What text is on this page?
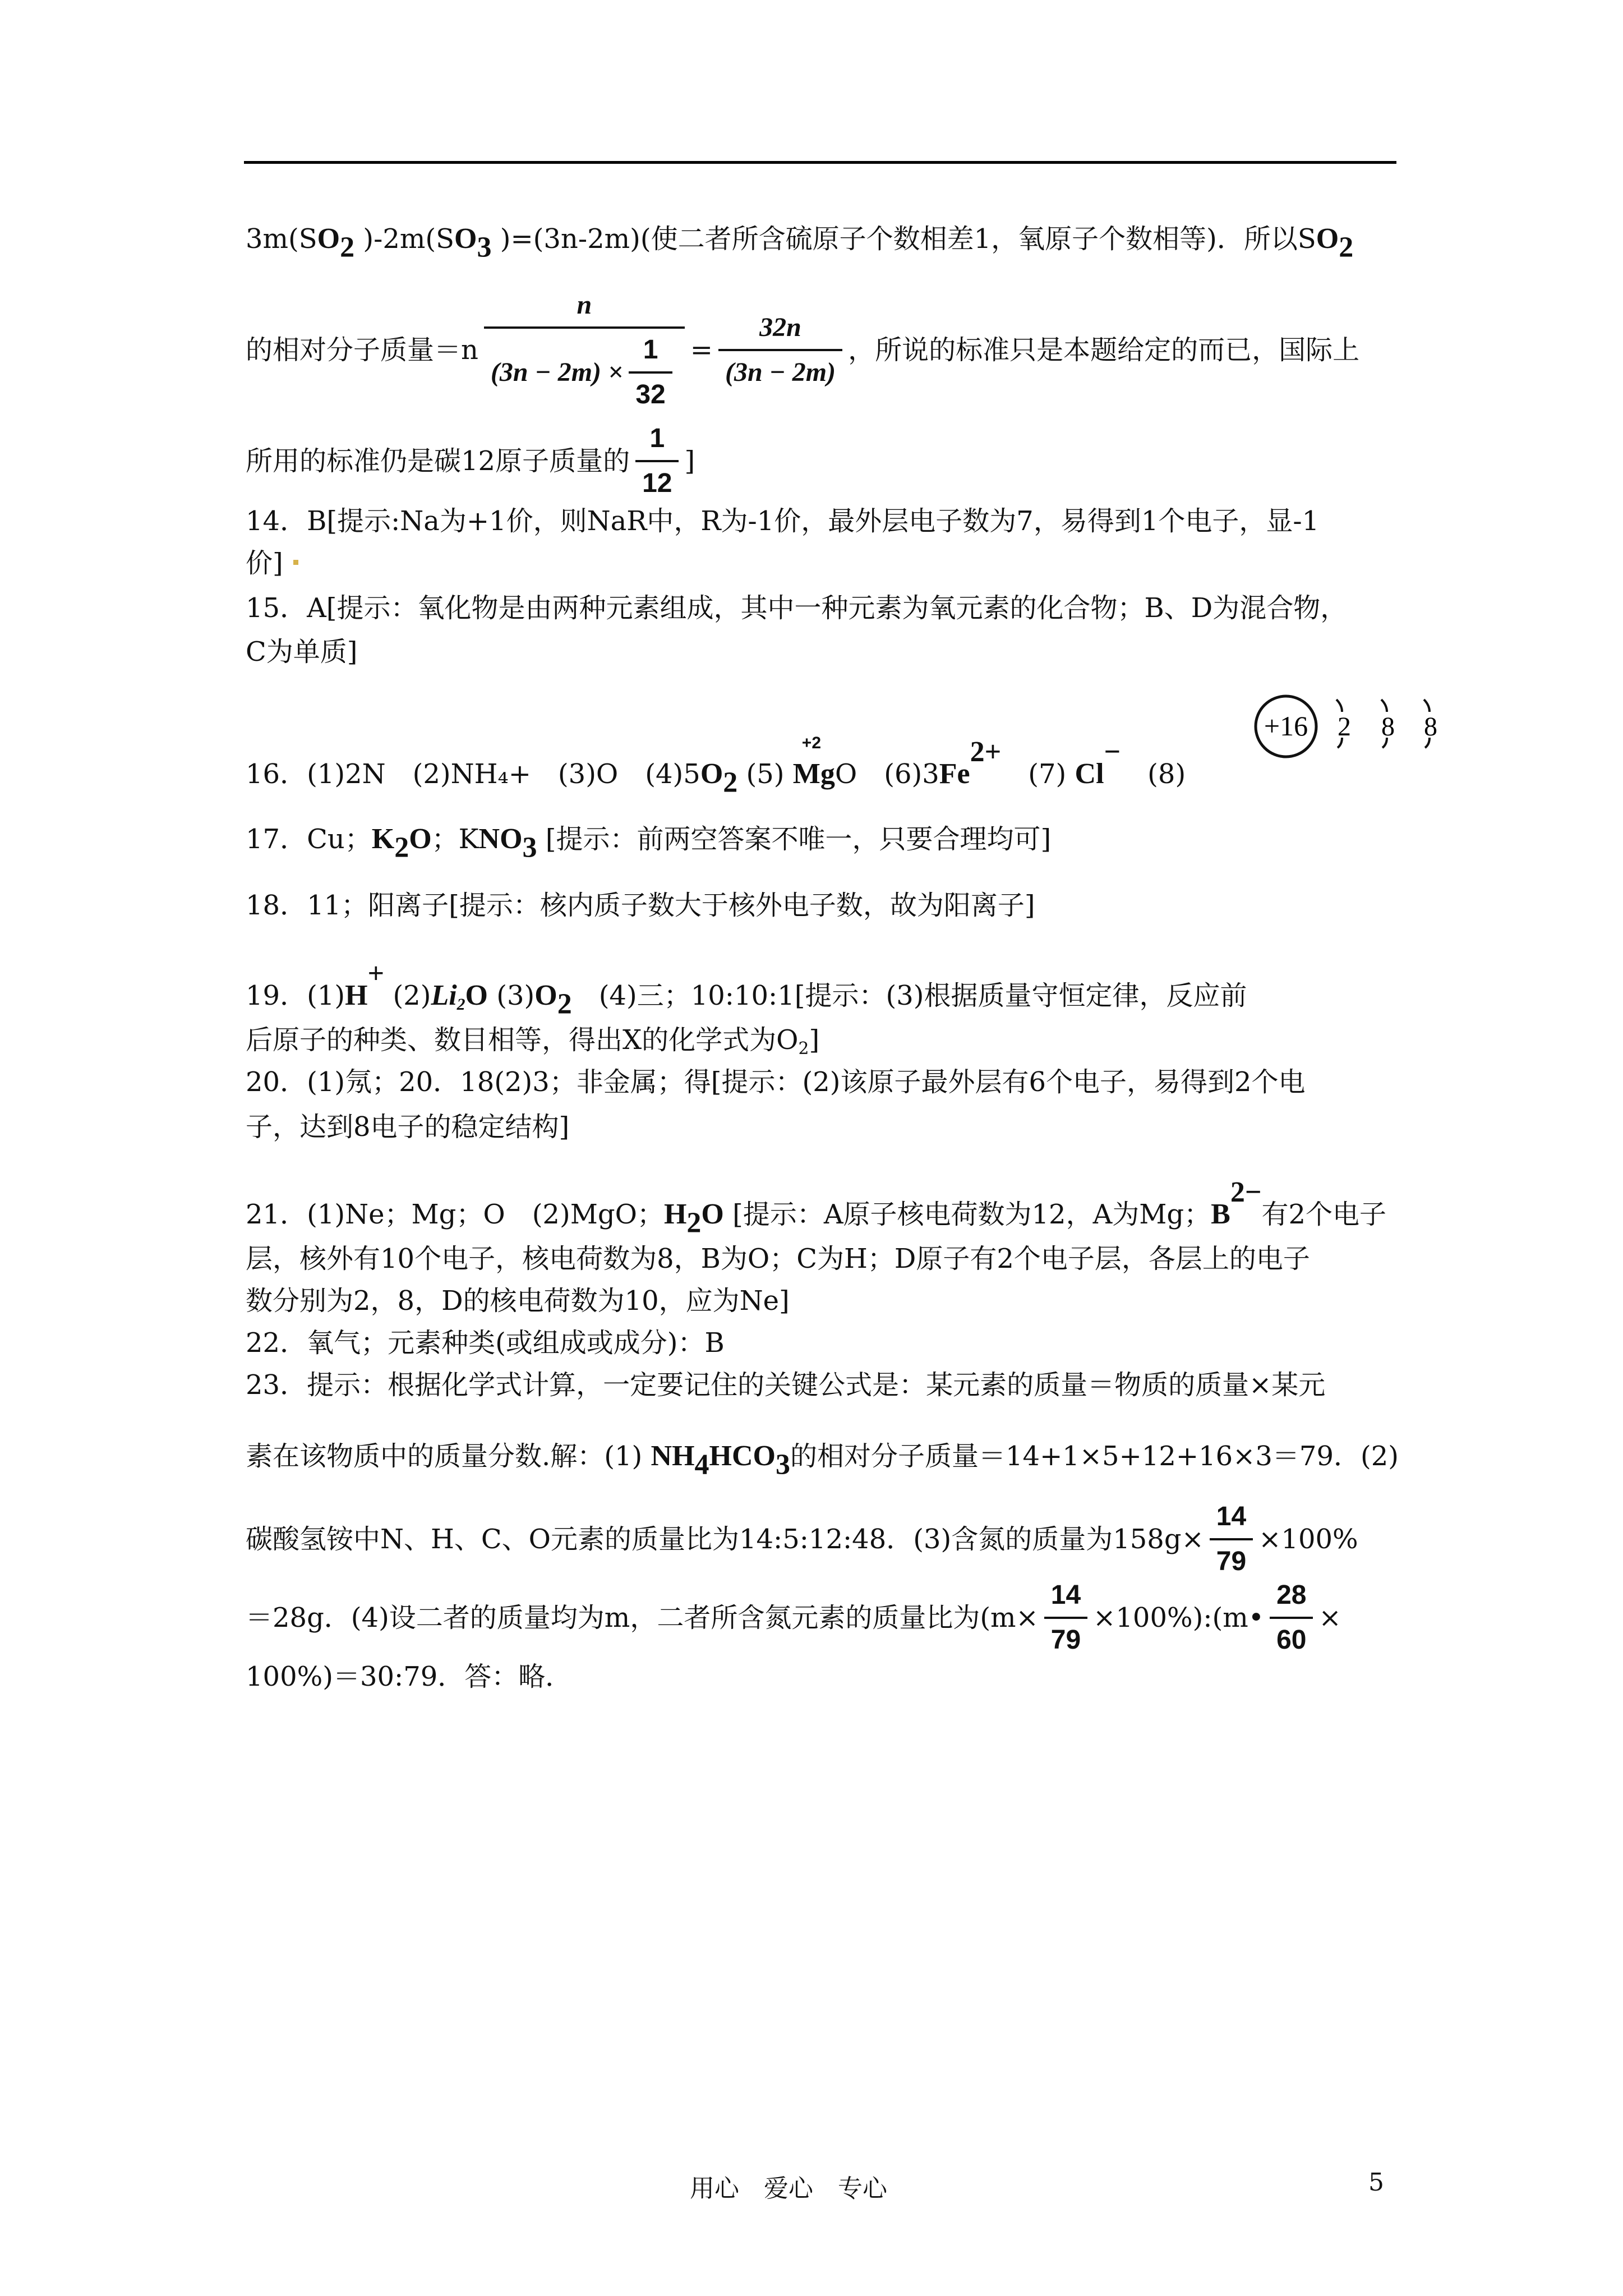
$3m(SO_2$ )$-2m(SO_3$ )=(3n-2m)(使二者所含硫原子个数相差1，氧原子个数相等)．所以$SO_2$
的相对分子质量$=n \frac{n}{(3n - 2m) \times \frac{1}{32}} = \frac{32n}{(3n - 2m)}$ ，所说的标准只是本题给定的而已，国际上
所用的标准仍是碳12原子质量的 $\frac{1}{12}$ ]
14．B[提示:Na为+1价，则NaR中，R为-1价，最外层电子数为7，易得到1个电子，显-1
价]
15．A[提示：氧化物是由两种元素组成，其中一种元素为氧元素的化合物；B、D为混合物，
C为单质]
16．(1)2N　(2)NH₄+　(3)O　$(4)5O_2$ (5)
+2
MgO　$(6)3Fe^{2+}$　(7) Cl−　(8)
+16 2 8 8
17．Cu；$K_2O$；$KNO_3$ [提示：前两空答案不唯一，只要合理均可]
18．11；阳离子[提示：核内质子数大于核外电子数，故为阳离子]
19．(1)H+ $(2)Li_2O$ $(3)O_2$　(4)三；10:10:1[提示：(3)根据质量守恒定律，反应前
后原子的种类、数目相等，得出X的化学式为$O_2$]
20．(1)氖；20．18(2)3；非金属；得[提示：(2)该原子最外层有6个电子，易得到2个电
子，达到8电子的稳定结构]
21．(1)Ne；Mg；O　(2)MgO；$H_2O$ [提示：A原子核电荷数为12，A为Mg；$B^{2-}$有2个电子
层，核外有10个电子，核电荷数为8，B为O；C为H；D原子有2个电子层，各层上的电子
数分别为2，8，D的核电荷数为10，应为Ne]
22．氧气；元素种类(或组成或成分)：B
23．提示：根据化学式计算，一定要记住的关键公式是：某元素的质量＝物质的质量×某元
素在该物质中的质量分数.解：(1) $NH_4HCO_3$的相对分子质量＝14+1×5+12+16×3＝79．(2)
碳酸氢铵中N、H、C、O元素的质量比为14:5:12:48．(3)含氮的质量为$158g\times \frac{14}{79} \times 100\%$
＝28g．(4)设二者的质量均为m，二者所含氮元素的质量比为($m\times \frac{14}{79}$ ×100%):(m• $\frac{28}{60}$ ×
100%)＝30:79．答：略．
用心　爱心　专心	5
